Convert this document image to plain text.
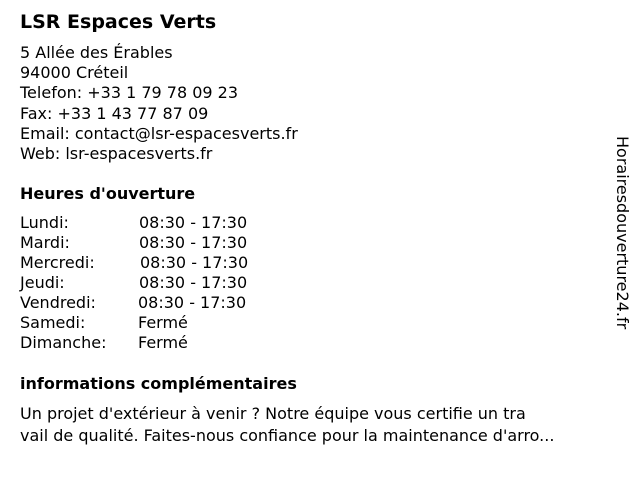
LSR Espaces Verts
5 Allée des Érables
94000 Créteil
Telefon: +33 1 79 78 09 23
Fax: +33 1 43 77 87 09
Email: contact@lsr-espacesverts.fr
Web: lsr-espacesverts.fr
Heures d'ouverture
Lundi:	08:30 - 17:30
Mardi:	08:30 - 17:30
Mercredi:	08:30 - 17:30
Jeudi:	08:30 - 17:30
Vendredi:	08:30 - 17:30
Samedi:	Fermé
Dimanche: Fermé
informations complémentaires
Un projet d'extérieur à venir ? Notre équipe vous certifie un tra
vail de qualité. Faites-nous confiance pour la maintenance d'arro...
Horairesdouverture24.fr
